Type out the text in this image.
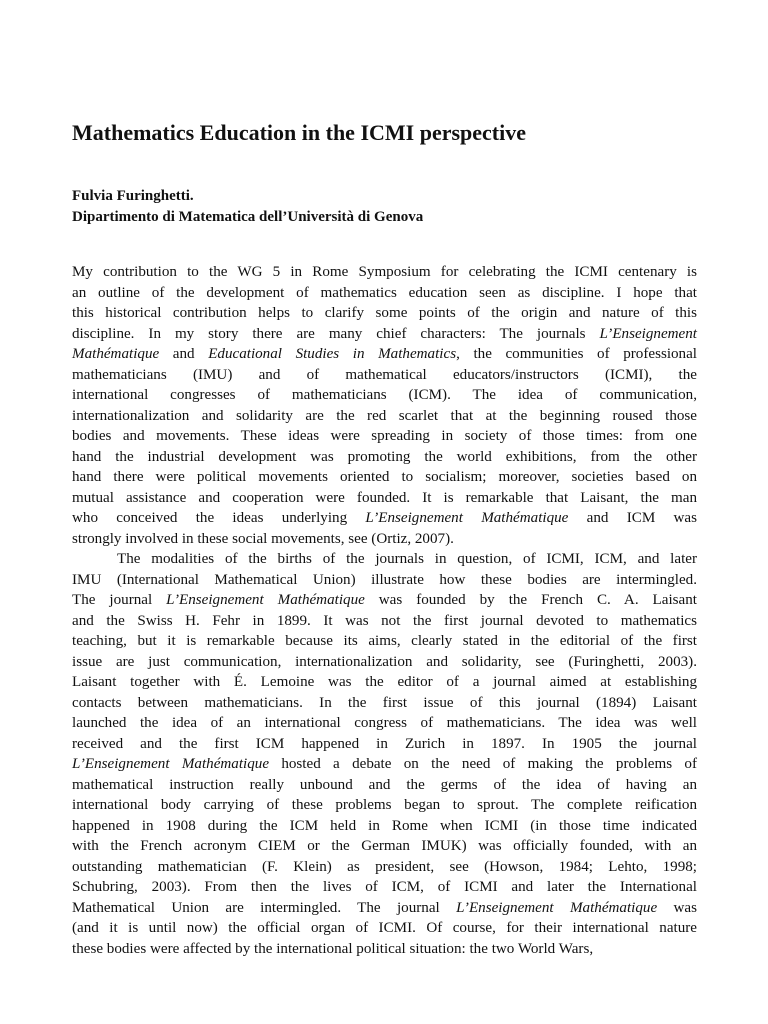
Mathematics Education in the ICMI perspective
Fulvia Furinghetti.
Dipartimento di Matematica dell’Università di Genova
My contribution to the WG 5 in Rome Symposium for celebrating the ICMI centenary is
an outline of the development of mathematics education seen as discipline. I hope that
this historical contribution helps to clarify some points of the origin and nature of this
discipline. In my story there are many chief characters: The journals L’Enseignement
Mathématique and Educational Studies in Mathematics, the communities of professional
mathematicians (IMU) and of mathematical educators/instructors (ICMI), the
international congresses of mathematicians (ICM). The idea of communication,
internationalization and solidarity are the red scarlet that at the beginning roused those
bodies and movements. These ideas were spreading in society of those times: from one
hand the industrial development was promoting the world exhibitions, from the other
hand there were political movements oriented to socialism; moreover, societies based on
mutual assistance and cooperation were founded. It is remarkable that Laisant, the man
who conceived the ideas underlying L’Enseignement Mathématique and ICM was
strongly involved in these social movements, see (Ortiz, 2007).
The modalities of the births of the journals in question, of ICMI, ICM, and later
IMU (International Mathematical Union) illustrate how these bodies are intermingled.
The journal L’Enseignement Mathématique was founded by the French C. A. Laisant
and the Swiss H. Fehr in 1899. It was not the first journal devoted to mathematics
teaching, but it is remarkable because its aims, clearly stated in the editorial of the first
issue are just communication, internationalization and solidarity, see (Furinghetti, 2003).
Laisant together with É. Lemoine was the editor of a journal aimed at establishing
contacts between mathematicians. In the first issue of this journal (1894) Laisant
launched the idea of an international congress of mathematicians. The idea was well
received and the first ICM happened in Zurich in 1897. In 1905 the journal
L’Enseignement Mathématique hosted a debate on the need of making the problems of
mathematical instruction really unbound and the germs of the idea of having an
international body carrying of these problems began to sprout. The complete reification
happened in 1908 during the ICM held in Rome when ICMI (in those time indicated
with the French acronym CIEM or the German IMUK) was officially founded, with an
outstanding mathematician (F. Klein) as president, see (Howson, 1984; Lehto, 1998;
Schubring, 2003). From then the lives of ICM, of ICMI and later the International
Mathematical Union are intermingled. The journal L’Enseignement Mathématique was
(and it is until now) the official organ of ICMI. Of course, for their international nature
these bodies were affected by the international political situation: the two World Wars,
